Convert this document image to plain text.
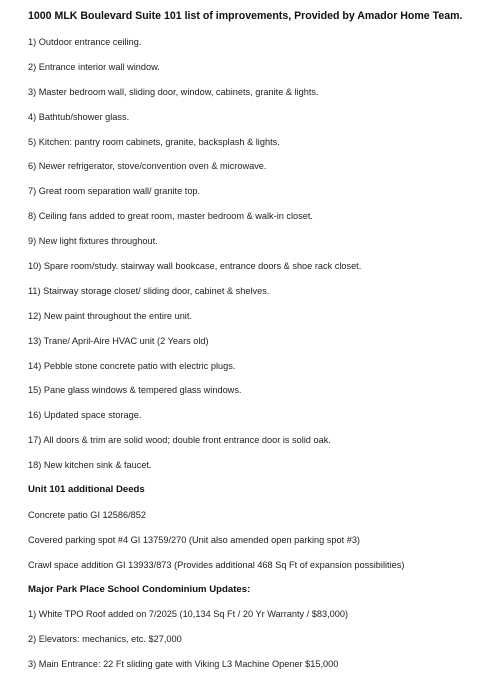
1000 MLK Boulevard Suite 101 list of improvements, Provided by Amador Home Team.
1) Outdoor entrance ceiling.
2) Entrance interior wall window.
3) Master bedroom wall, sliding door, window, cabinets, granite & lights.
4) Bathtub/shower glass.
5) Kitchen: pantry room cabinets, granite, backsplash & lights.
6) Newer refrigerator, stove/convention oven & microwave.
7) Great room separation wall/ granite top.
8) Ceiling fans added to great room, master bedroom & walk-in closet.
9) New light fixtures throughout.
10) Spare room/study. stairway wall bookcase, entrance doors & shoe rack closet.
11) Stairway storage closet/ sliding door, cabinet & shelves.
12) New paint throughout the entire unit.
13) Trane/ April-Aire HVAC unit (2 Years old)
14) Pebble stone concrete patio with electric plugs.
15) Pane glass windows & tempered glass windows.
16) Updated space storage.
17) All doors & trim are solid wood; double front entrance door is solid oak.
18) New kitchen sink & faucet.
Unit 101 additional Deeds
Concrete patio GI 12586/852
Covered parking spot #4 GI 13759/270 (Unit also amended open parking spot #3)
Crawl space addition GI 13933/873 (Provides additional 468 Sq Ft of expansion possibilities)
Major Park Place School Condominium Updates:
1) White TPO Roof added on 7/2025 (10,134 Sq Ft / 20 Yr Warranty / $83,000)
2) Elevators: mechanics, etc. $27,000
3) Main Entrance: 22 Ft sliding gate with Viking L3 Machine Opener $15,000
